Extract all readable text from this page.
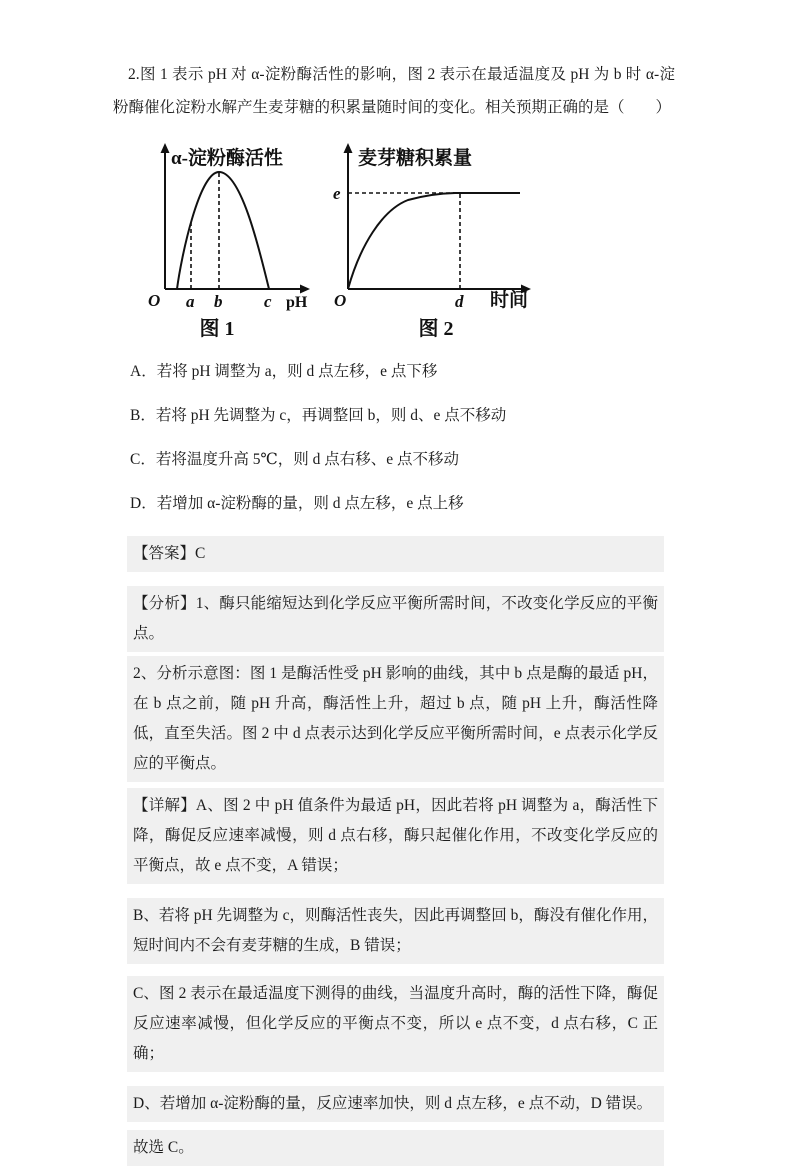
2.图 1 表示 pH 对 α-淀粉酶活性的影响，图 2 表示在最适温度及 pH 为 b 时 α-淀粉酶催化淀粉水解产生麦芽糖的积累量随时间的变化。相关预期正确的是（　　）

α-淀粉酶活性
O a b c pH
图 1
麦芽糖积累量
e
O	d 时间
图 2

A．若将 pH 调整为 a，则 d 点左移，e 点下移

B．若将 pH 先调整为 c，再调整回 b，则 d、e 点不移动

C．若将温度升高 5℃，则 d 点右移、e 点不移动

D．若增加 α-淀粉酶的量，则 d 点左移，e 点上移

【答案】C

【分析】1、酶只能缩短达到化学反应平衡所需时间，不改变化学反应的平衡点。

2、分析示意图：图 1 是酶活性受 pH 影响的曲线，其中 b 点是酶的最适 pH，在 b 点之前，随 pH 升高，酶活性上升，超过 b 点，随 pH 上升，酶活性降低，直至失活。图 2 中 d 点表示达到化学反应平衡所需时间，e 点表示化学反应的平衡点。

【详解】A、图 2 中 pH 值条件为最适 pH，因此若将 pH 调整为 a，酶活性下降，酶促反应速率减慢，则 d 点右移，酶只起催化作用，不改变化学反应的平衡点，故 e 点不变，A 错误；

B、若将 pH 先调整为 c，则酶活性丧失，因此再调整回 b，酶没有催化作用，短时间内不会有麦芽糖的生成，B 错误；

C、图 2 表示在最适温度下测得的曲线，当温度升高时，酶的活性下降，酶促反应速率减慢，但化学反应的平衡点不变，所以 e 点不变，d 点右移，C 正确；

D、若增加 α-淀粉酶的量，反应速率加快，则 d 点左移，e 点不动，D 错误。

故选 C。
